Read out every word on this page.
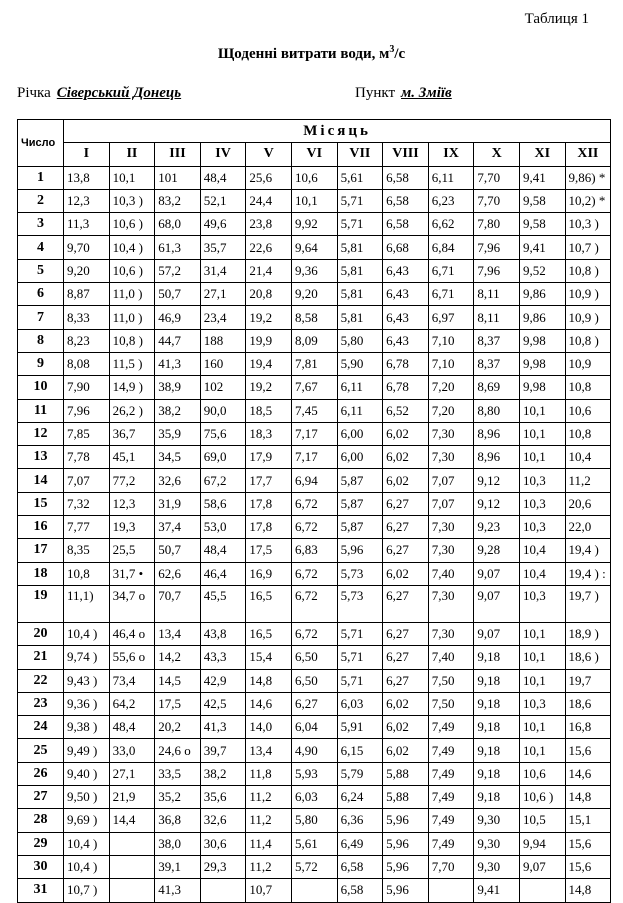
Таблиця 1
Щоденні витрати води, $м^3/с$
Річка Сіверський Донець	Пункт м. Зміїв
Число	Місяць											
	I	II	III	IV	V	VI	VII	VIII	IX	X	XI	XII
1	13,8	10,1	101	48,4	25,6	10,6	5,61	6,58	6,11	7,70	9,41	9,86) *
2	12,3	10,3 )	83,2	52,1	24,4	10,1	5,71	6,58	6,23	7,70	9,58	10,2) *
3	11,3	10,6 )	68,0	49,6	23,8	9,92	5,71	6,58	6,62	7,80	9,58	10,3 )
4	9,70	10,4 )	61,3	35,7	22,6	9,64	5,81	6,68	6,84	7,96	9,41	10,7 )
5	9,20	10,6 )	57,2	31,4	21,4	9,36	5,81	6,43	6,71	7,96	9,52	10,8 )
6	8,87	11,0 )	50,7	27,1	20,8	9,20	5,81	6,43	6,71	8,11	9,86	10,9 )
7	8,33	11,0 )	46,9	23,4	19,2	8,58	5,81	6,43	6,97	8,11	9,86	10,9 )
8	8,23	10,8 )	44,7	188	19,9	8,09	5,80	6,43	7,10	8,37	9,98	10,8 )
9	8,08	11,5 )	41,3	160	19,4	7,81	5,90	6,78	7,10	8,37	9,98	10,9
10	7,90	14,9 )	38,9	102	19,2	7,67	6,11	6,78	7,20	8,69	9,98	10,8
11	7,96	26,2 )	38,2	90,0	18,5	7,45	6,11	6,52	7,20	8,80	10,1	10,6
12	7,85	36,7	35,9	75,6	18,3	7,17	6,00	6,02	7,30	8,96	10,1	10,8
13	7,78	45,1	34,5	69,0	17,9	7,17	6,00	6,02	7,30	8,96	10,1	10,4
14	7,07	77,2	32,6	67,2	17,7	6,94	5,87	6,02	7,07	9,12	10,3	11,2
15	7,32	12,3	31,9	58,6	17,8	6,72	5,87	6,27	7,07	9,12	10,3	20,6
16	7,77	19,3	37,4	53,0	17,8	6,72	5,87	6,27	7,30	9,23	10,3	22,0
17	8,35	25,5	50,7	48,4	17,5	6,83	5,96	6,27	7,30	9,28	10,4	19,4 )
18	10,8	31,7 •	62,6	46,4	16,9	6,72	5,73	6,02	7,40	9,07	10,4	19,4 ) :
19	11,1)	34,7 o	70,7	45,5	16,5	6,72	5,73	6,27	7,30	9,07	10,3	19,7 )
20	10,4 )	46,4 o	13,4	43,8	16,5	6,72	5,71	6,27	7,30	9,07	10,1	18,9 )
21	9,74 )	55,6 o	14,2	43,3	15,4	6,50	5,71	6,27	7,40	9,18	10,1	18,6 )
22	9,43 )	73,4	14,5	42,9	14,8	6,50	5,71	6,27	7,50	9,18	10,1	19,7
23	9,36 )	64,2	17,5	42,5	14,6	6,27	6,03	6,02	7,50	9,18	10,3	18,6
24	9,38 )	48,4	20,2	41,3	14,0	6,04	5,91	6,02	7,49	9,18	10,1	16,8
25	9,49 )	33,0	24,6 o	39,7	13,4	4,90	6,15	6,02	7,49	9,18	10,1	15,6
26	9,40 )	27,1	33,5	38,2	11,8	5,93	5,79	5,88	7,49	9,18	10,6	14,6
27	9,50 )	21,9	35,2	35,6	11,2	6,03	6,24	5,88	7,49	9,18	10,6 )	14,8
28	9,69 )	14,4	36,8	32,6	11,2	5,80	6,36	5,96	7,49	9,30	10,5	15,1
29	10,4 )		38,0	30,6	11,4	5,61	6,49	5,96	7,49	9,30	9,94	15,6
30	10,4 )		39,1	29,3	11,2	5,72	6,58	5,96	7,70	9,30	9,07	15,6
31	10,7 )		41,3		10,7		6,58	5,96		9,41		14,8
